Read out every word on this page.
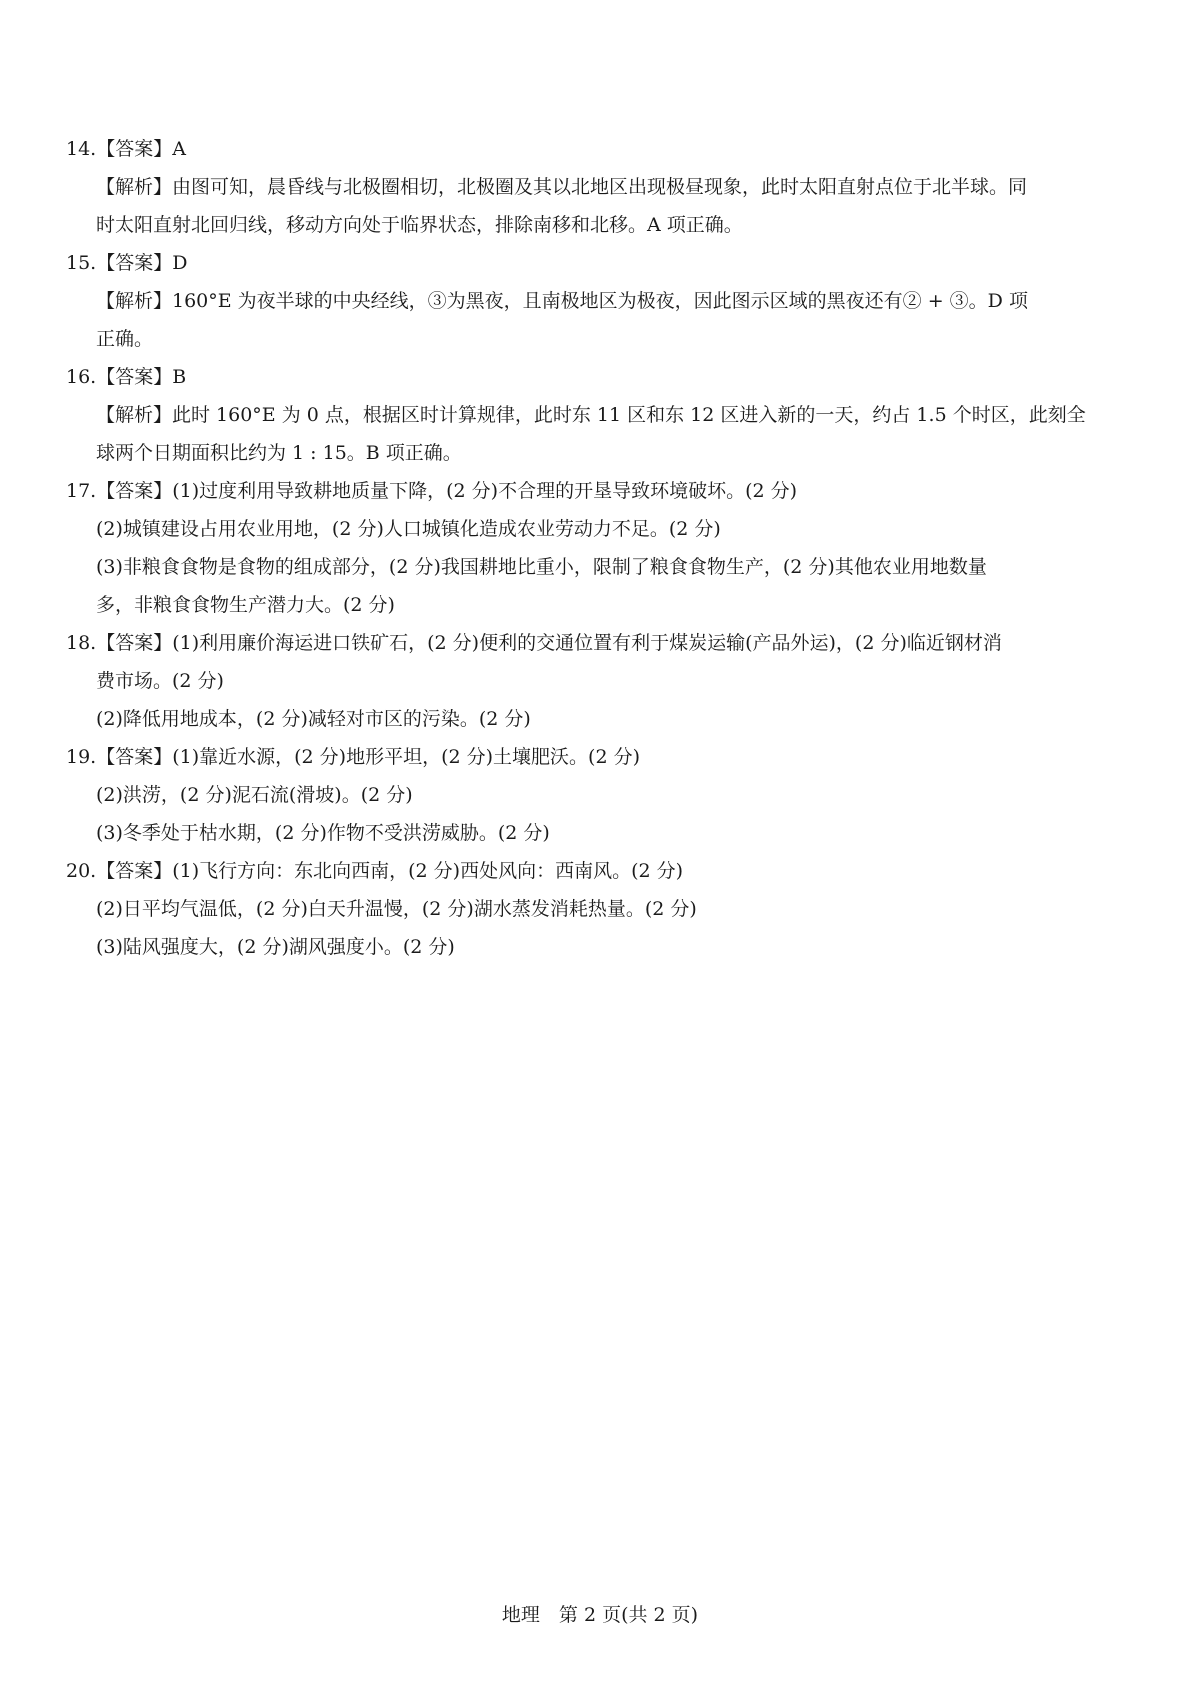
14.【答案】A

【解析】由图可知，晨昏线与北极圈相切，北极圈及其以北地区出现极昼现象，此时太阳直射点位于北半球。同

时太阳直射北回归线，移动方向处于临界状态，排除南移和北移。A 项正确。

15.【答案】D

【解析】160°E 为夜半球的中央经线，③为黑夜，且南极地区为极夜，因此图示区域的黑夜还有② + ③。D 项

正确。

16.【答案】B

【解析】此时 160°E 为 0 点，根据区时计算规律，此时东 11 区和东 12 区进入新的一天，约占 1.5 个时区，此刻全

球两个日期面积比约为 1 : 15。B 项正确。

17.【答案】(1)过度利用导致耕地质量下降，(2 分)不合理的开垦导致环境破坏。(2 分)

(2)城镇建设占用农业用地，(2 分)人口城镇化造成农业劳动力不足。(2 分)

(3)非粮食食物是食物的组成部分，(2 分)我国耕地比重小，限制了粮食食物生产，(2 分)其他农业用地数量

多，非粮食食物生产潜力大。(2 分)

18.【答案】(1)利用廉价海运进口铁矿石，(2 分)便利的交通位置有利于煤炭运输(产品外运)，(2 分)临近钢材消

费市场。(2 分)

(2)降低用地成本，(2 分)减轻对市区的污染。(2 分)

19.【答案】(1)靠近水源，(2 分)地形平坦，(2 分)土壤肥沃。(2 分)

(2)洪涝，(2 分)泥石流(滑坡)。(2 分)

(3)冬季处于枯水期，(2 分)作物不受洪涝威胁。(2 分)

20.【答案】(1)飞行方向：东北向西南，(2 分)西处风向：西南风。(2 分)

(2)日平均气温低，(2 分)白天升温慢，(2 分)湖水蒸发消耗热量。(2 分)

(3)陆风强度大，(2 分)湖风强度小。(2 分)

地理　第 2 页(共 2 页)
